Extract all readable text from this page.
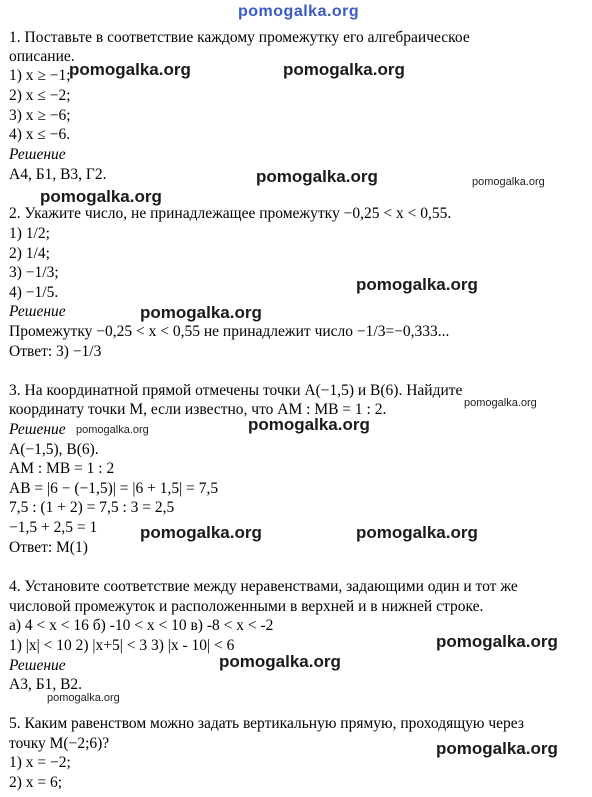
pomogalka.org

1. Поставьте в соответствие каждому промежутку его алгебраическое

описание.

1) x ≥ −1;

2) x ≤ −2;

3) x ≥ −6;

4) x ≤ −6.

Решение

А4, Б1, В3, Г2.

2. Укажите число, не принадлежащее промежутку −0,25 < x < 0,55.

1) 1/2;

2) 1/4;

3) −1/3;

4) −1/5.

Решение

Промежутку −0,25 < x < 0,55 не принадлежит число −1/3=−0,333...

Ответ: 3) −1/3

3. На координатной прямой отмечены точки A(−1,5) и B(6). Найдите

координату точки M, если известно, что AM : MB = 1 : 2.

Решение

A(−1,5), B(6).

AM : MB = 1 : 2

AB = |6 − (−1,5)| = |6 + 1,5| = 7,5

7,5 : (1 + 2) = 7,5 : 3 = 2,5

−1,5 + 2,5 = 1

Ответ: M(1)

4. Установите соответствие между неравенствами, задающими один и тот же

числовой промежуток и расположенными в верхней и в нижней строке.

а) 4 < x < 16 б) -10 < x < 10 в) -8 < x < -2

1) |x| < 10 2) |x+5| < 3 3) |x - 10| < 6

Решение

А3, Б1, В2.

5. Каким равенством можно задать вертикальную прямую, проходящую через

точку M(−2;6)?

1) x = −2;

2) x = 6;

pomogalka.org	pomogalka.org

pomogalka.org	pomogalka.org

pomogalka.org

pomogalka.org

pomogalka.org

pomogalka.org

pomogalka.org

pomogalka.org

pomogalka.org	pomogalka.org

pomogalka.org

pomogalka.org

pomogalka.org

pomogalka.org
